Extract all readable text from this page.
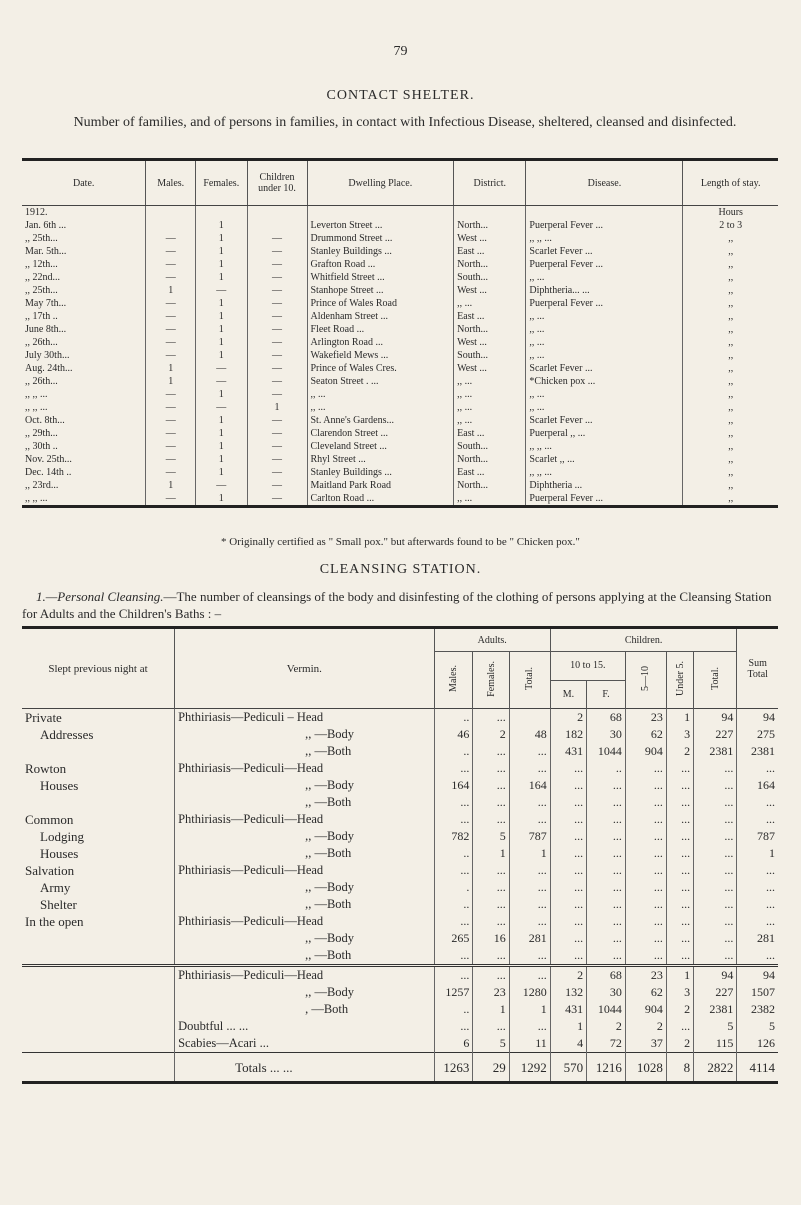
79
CONTACT SHELTER.
Number of families, and of persons in families, in contact with Infectious Disease, sheltered, cleansed and disinfected.
Date.	Males.	Females.	Children under 10.	Dwelling Place.	District.	Disease.	Length of stay.
1912.							Hours
Jan. 6th ...		1		Leverton Street ...	North...	Puerperal Fever ...	2 to 3
,, 25th...	—	1	—	Drummond Street ...	West ...	,, ,, ...	,,
Mar. 5th...	—	1	—	Stanley Buildings ...	East ...	Scarlet Fever ...	,,
,, 12th...	—	1	—	Grafton Road ...	North...	Puerperal Fever ...	,,
,, 22nd...	—	1	—	Whitfield Street ...	South...	,, ...	,,
,, 25th...	1	—	—	Stanhope Street ...	West ...	Diphtheria... ...	,,
May 7th...	—	1	—	Prince of Wales Road	,, ...	Puerperal Fever ...	,,
,, 17th ..	—	1	—	Aldenham Street ...	East ...	,, ...	,,
June 8th...	—	1	—	Fleet Road ...	North...	,, ...	,,
,, 26th...	—	1	—	Arlington Road ...	West ...	,, ...	,,
July 30th...	—	1	—	Wakefield Mews ...	South...	,, ...	,,
Aug. 24th...	1	—	—	Prince of Wales Cres.	West ...	Scarlet Fever ...	,,
,, 26th...	1	—	—	Seaton Street . ...	,, ...	*Chicken pox ...	,,
,, ,, ...	—	1	—	,, ...	,, ...	,, ...	,,
,, ,, ...	—	—	1	,, ...	,, ...	,, ...	,,
Oct. 8th...	—	1	—	St. Anne's Gardens...	,, ...	Scarlet Fever ...	,,
,, 29th...	—	1	—	Clarendon Street ...	East ...	Puerperal ,, ...	,,
,, 30th ..	—	1	—	Cleveland Street ...	South...	,, ,, ...	,,
Nov. 25th...	—	1	—	Rhyl Street ...	North...	Scarlet ,, ...	,,
Dec. 14th ..	—	1	—	Stanley Buildings ...	East ...	,, ,, ...	,,
,, 23rd...	1	—	—	Maitland Park Road	North...	Diphtheria ...	,,
,, ,, ...	—	1	—	Carlton Road ...	,, ...	Puerperal Fever ...	,,
* Originally certified as " Small pox." but afterwards found to be " Chicken pox."
CLEANSING STATION.
1.—Personal Cleansing.—The number of cleansings of the body and disinfesting of the clothing of persons applying at the Cleansing Station for Adults and the Children's Baths : –
Slept previous night at	Vermin.	Adults.			Children.					Sum Total
		Males.	Females.	Total.	10 to 15.		5—10	Under 5.	Total.	
					M.	F.				
Private	Phthiriasis—Pediculi – Head	..	...		2	68	23	1	94	94
Addresses	,, —Body	46	2	48	182	30	62	3	227	275
	,, —Both	..	...	...	431	1044	904	2	2381	2381
Rowton	Phthiriasis—Pediculi—Head	...	...	...	...	..	...	...	...	...
Houses	,, —Body	164	...	164	...	...	...	...	...	164
	,, —Both	...	...	...	...	...	...	...	...	...
Common	Phthiriasis—Pediculi—Head	...	...	...	...	...	...	...	...	...
Lodging	,, —Body	782	5	787	...	...	...	...	...	787
Houses	,, —Both	..	1	1	...	...	...	...	...	1
Salvation	Phthiriasis—Pediculi—Head	...	...	...	...	...	...	...	...	...
Army	,, —Body	.	...	...	...	...	...	...	...	...
Shelter	,, —Both	..	...	...	...	...	...	...	...	...
In the open	Phthiriasis—Pediculi—Head	...	...	...	...	...	...	...	...	...
	,, —Body	265	16	281	...	...	...	...	...	281
	,, —Both	...	...	...	...	...	...	...	...	...
	Phthiriasis—Pediculi—Head	...	...	...	2	68	23	1	94	94
	,, —Body	1257	23	1280	132	30	62	3	227	1507
	, —Both	..	1	1	431	1044	904	2	2381	2382
	Doubtful ... ...	...	...	...	1	2	2	...	5	5
	Scabies—Acari ...	6	5	11	4	72	37	2	115	126
	Totals ... ...	1263	29	1292	570	1216	1028	8	2822	4114
